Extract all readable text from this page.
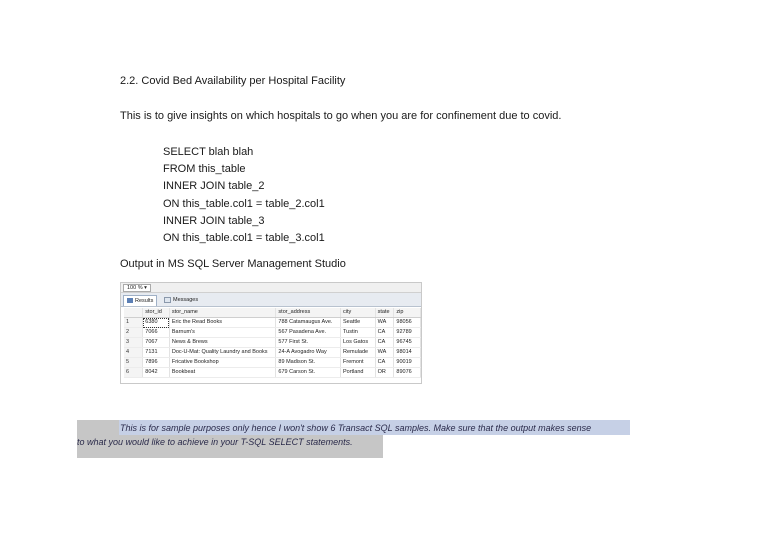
2.2. Covid Bed Availability per Hospital Facility
This is to give insights on which hospitals to go when you are for confinement due to covid.
SELECT blah blah
FROM this_table
INNER JOIN table_2
ON this_table.col1 = table_2.col1
INNER JOIN table_3
ON this_table.col1 = table_3.col1
Output in MS SQL Server Management Studio
100 % ▾
Results	Messages
	stor_id	stor_name	stor_address	city	state	zip
1	6380	Eric the Read Books	788 Catamaugus Ave.	Seattle	WA	98056
2	7066	Barnum's	567 Pasadena Ave.	Tustin	CA	92789
3	7067	News & Brews	577 First St.	Los Gatos	CA	96745
4	7131	Doc-U-Mat: Quality Laundry and Books	24-A Avogadro Way	Remulade	WA	98014
5	7896	Fricative Bookshop	89 Madison St.	Fremont	CA	90019
6	8042	Bookbeat	679 Carson St.	Portland	OR	89076
This is for sample purposes only hence I won't show 6 Transact SQL samples. Make sure that the output makes sense
to what you would like to achieve in your T-SQL SELECT statements.
